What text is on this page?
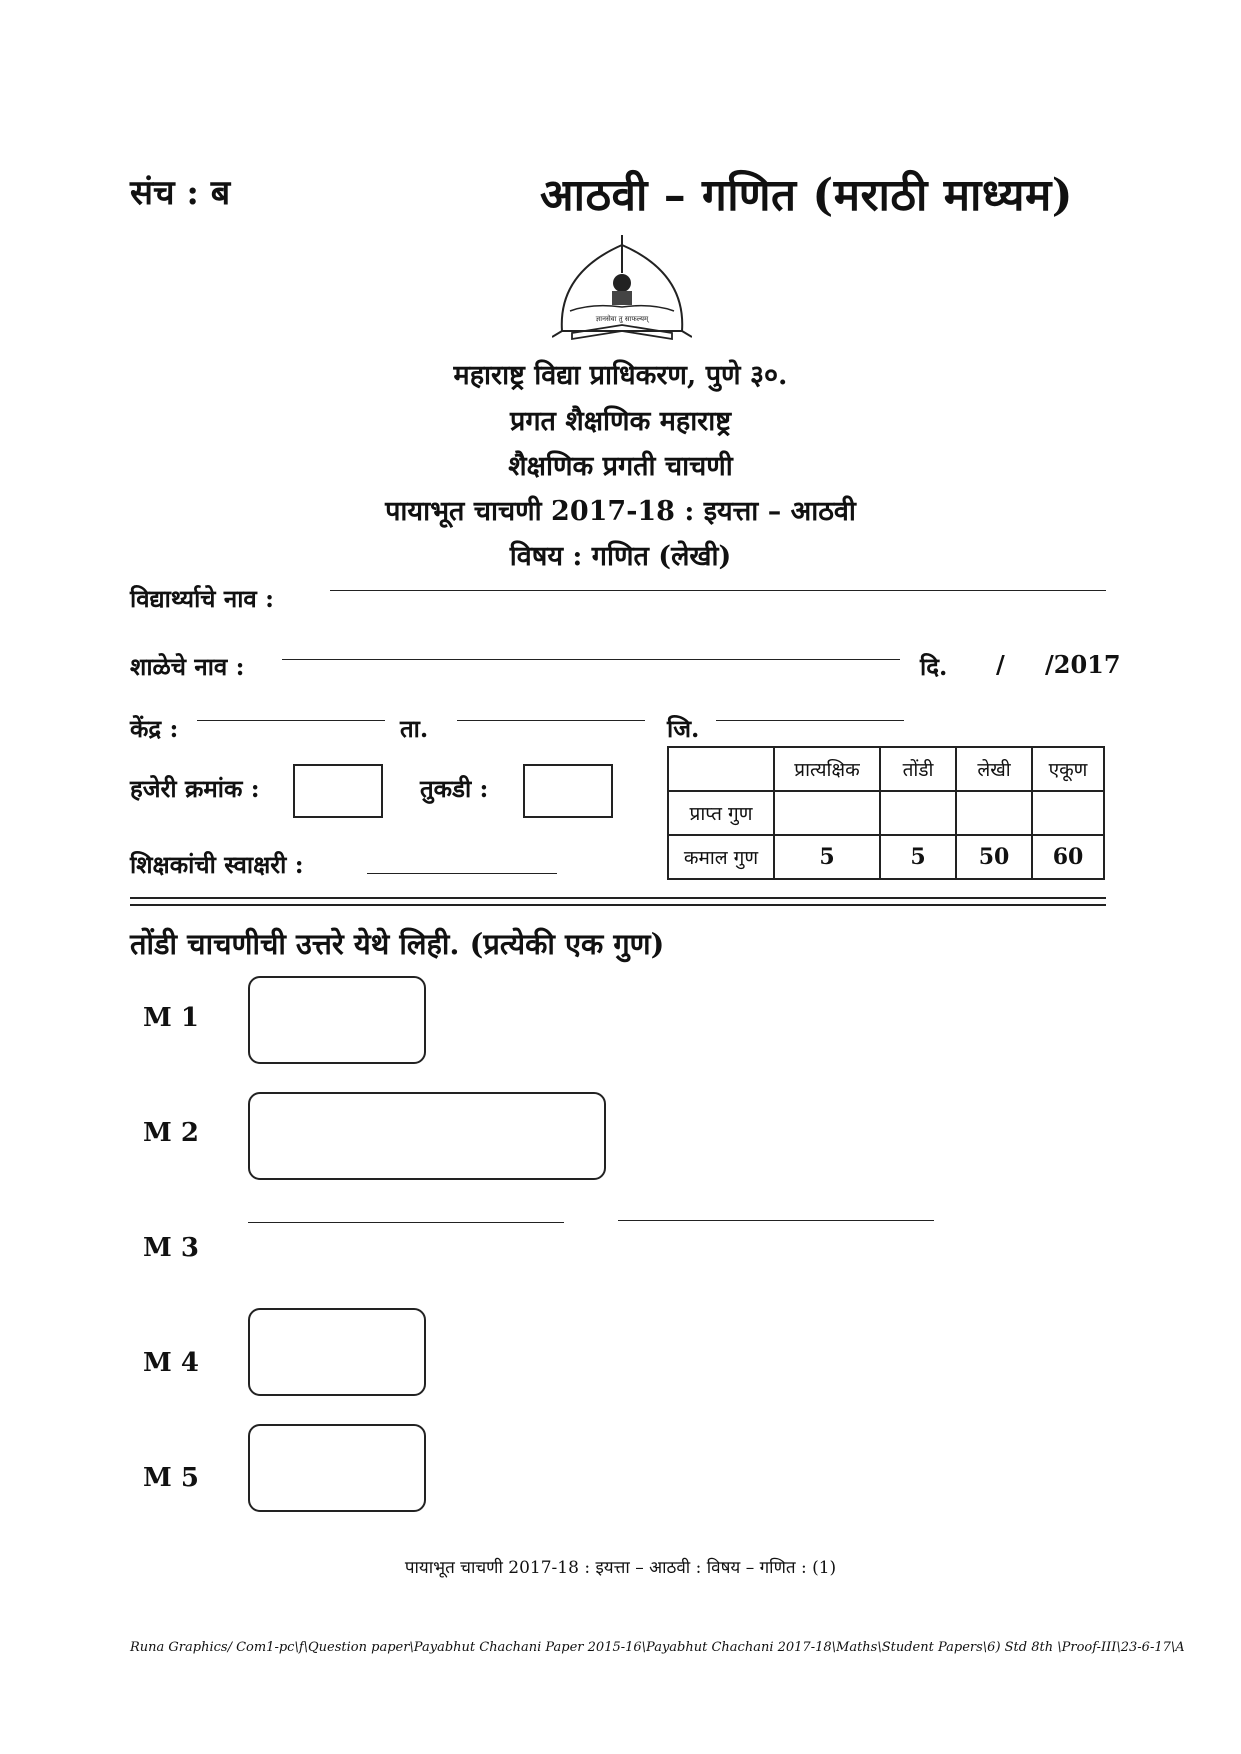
संच : ब	आठवी – गणित (मराठी माध्यम)
ज्ञानसेवा तु साफल्यम्
महाराष्ट्र विद्या प्राधिकरण, पुणे ३०.
प्रगत शैक्षणिक महाराष्ट्र
शैक्षणिक प्रगती चाचणी
पायाभूत चाचणी 2017-18 : इयत्ता – आठवी
विषय : गणित (लेखी)
विद्यार्थ्याचे नाव :
शाळेचे नाव :	दि. / /2017
केंद्र :	ता.	जि.
हजेरी क्रमांक :	तुकडी :
शिक्षकांची स्वाक्षरी :
	प्रात्यक्षिक	तोंडी	लेखी	एकूण
प्राप्त गुण				
कमाल गुण	5	5	50	60
तोंडी चाचणीची उत्तरे येथे लिही. (प्रत्येकी एक गुण)
M 1
M 2
M 3
M 4
M 5
पायाभूत चाचणी 2017-18 : इयत्ता – आठवी : विषय – गणित : (1)
Runa Graphics/ Com1-pc\f\Question paper\Payabhut Chachani Paper 2015-16\Payabhut Chachani 2017-18\Maths\Student Papers\6) Std 8th \Proof-III\23-6-17\A
